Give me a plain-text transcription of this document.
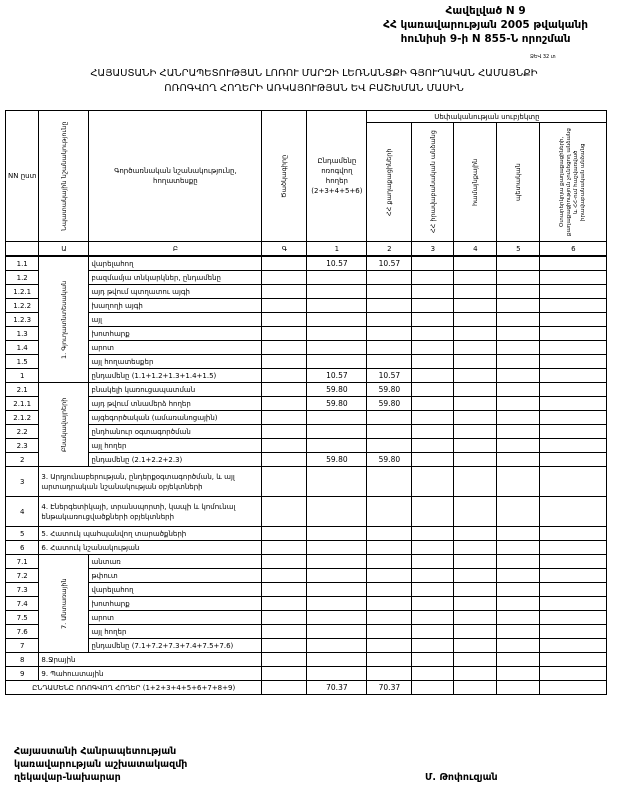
Հավելված N 9
ՀՀ կառավարության 2005 թվականի
հունիսի 9-ի N 855-Ն որոշման
ՁԵՎ 32 տ
ՀԱՅԱՍՏԱՆԻ ՀԱՆՐԱՊԵՏՈՒԹՅԱՆ ԼՈՌՈՒ ՄԱՐԶԻ ԼԵՌՆԱՆՑՔԻ ԳՅՈՒՂԱԿԱՆ ՀԱՄԱՅՆՔԻ
ՈՌՈԳՎՈՂ ՀՈՂԵՐԻ ԱՌԿԱՅՈՒԹՅԱՆ ԵՎ ԲԱՇԽՄԱՆ ՄԱՍԻՆ
NN ըստ	Նպատակային նշանակությունը	Գործառնական նշանակությունը, հողատեսքը	Ծածկագիրը	Ընդամենը ոռոգվող հողեր (2+3+4+5+6)	Սեփականության սուբյեկտը				

					ՀՀ քաղաքացիների	ՀՀ իրավաբանական անձանց	համայնքային	պետական	Օտարերկրյա քաղաքացիների, քաղաքացիություն չունեցող անձանց և ՀՀ-ում հաշվառված իրավաբանական անձանց

	Ա	Բ	Գ	1	2	3	4	5	6
1.1	1. Գյուղատնտեսական	վարելահող		10.57	10.57				
1.2		բազմամյա տնկարկներ, ընդամենը							
1.2.1		այդ թվում պտղատու այգի							
1.2.2		խաղողի այգի							
1.2.3		այլ							
1.3		խոտհարք							
1.4		արոտ							
1.5		այլ հողատեսքեր							
1		ընդամենը (1.1+1.2+1.3+1.4+1.5)		10.57	10.57				
2.1	Բնակավայրերի	բնակելի կառուցապատման		59.80	59.80				
2.1.1		այդ թվում տնամերձ հողեր		59.80	59.80				
2.1.2		այգեգործական (ամառանոցային)							
2.2		ընդհանուր օգտագործման							
2.3		այլ հողեր							
2		ընդամենը (2.1+2.2+2.3)		59.80	59.80				
3	3. Արդյունաբերության, ընդերքօգտագործման, և այլ արտադրական նշանակության օբյեկտների								
4	4. Էներգետիկայի, տրանսպորտի, կապի և կոմունալ ենթակառուցվածքների օբյեկտների								
5	5. Հատուկ պահպանվող տարածքների								
6	6. Հատուկ նշանակության								
7.1	7. Անտառային	անտառ							
7.2		թփուտ							
7.3		վարելահող							
7.4		խոտհարք							
7.5		արոտ							
7.6		այլ հողեր							
7		ընդամենը (7.1+7.2+7.3+7.4+7.5+7.6)							
8	8.Ջրային								
9	9. Պահուստային								
ԸՆԴԱՄԵՆԸ ՈՌՈԳՎՈՂ ՀՈՂԵՐ (1+2+3+4+5+6+7+8+9)				70.37	70.37				
Հայաստանի Հանրապետության
կառավարության աշխատակազմի
ղեկավար-նախարար	Մ. Թոփուզյան
